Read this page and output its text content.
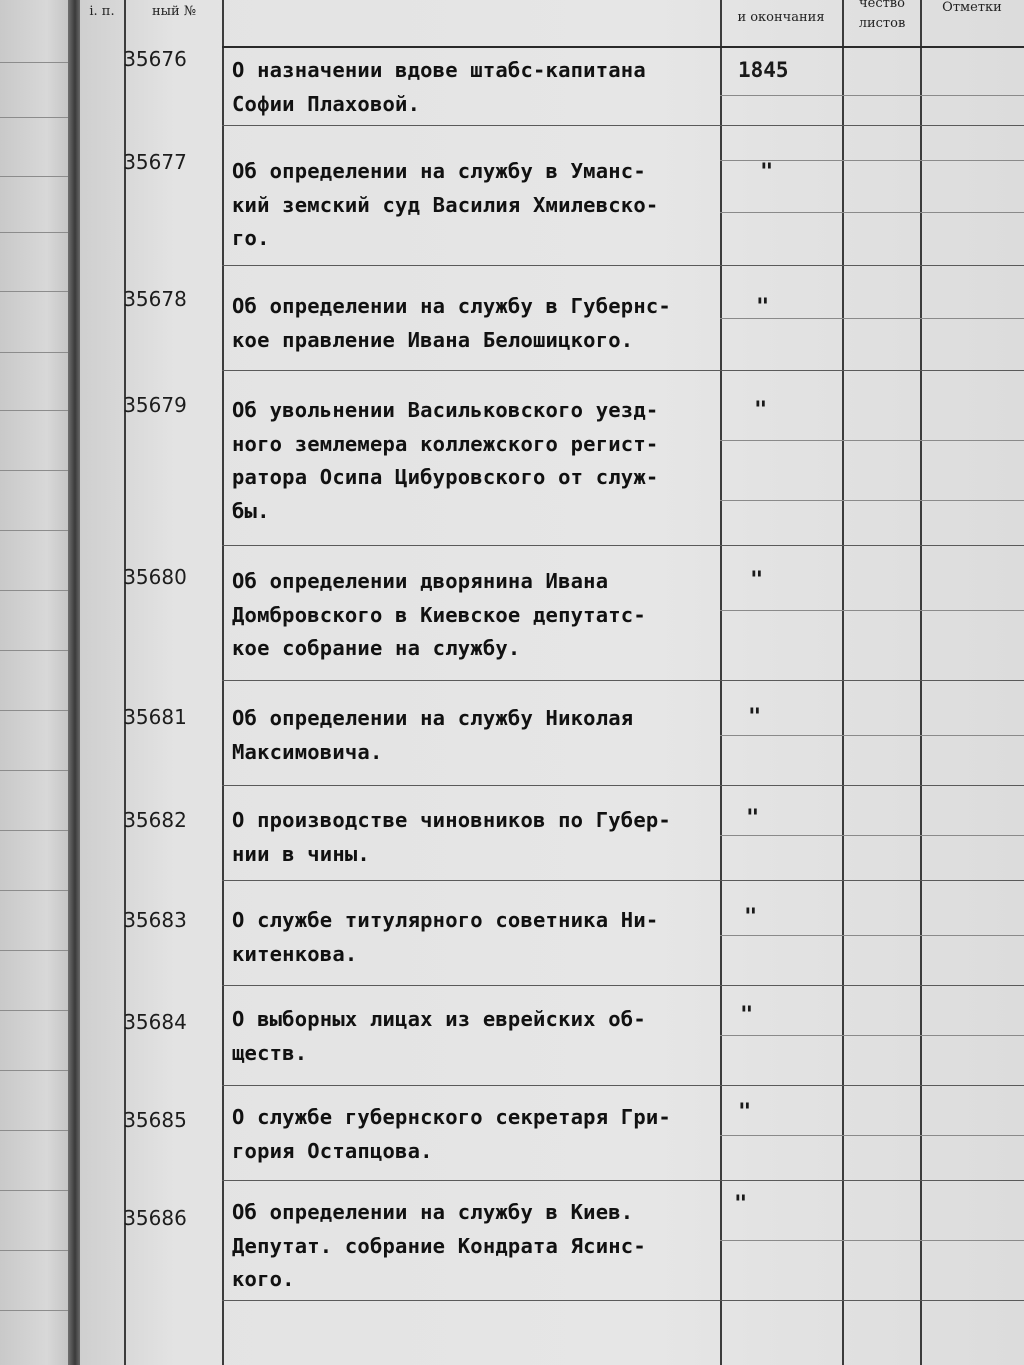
і. п.	ный №	и окончания
чество
листов
Отметки
35676	О назначении вдове штабс-капитана
Софии Плаховой.
1845
35677	Об определении на службу в Уманс-
кий земский суд Василия Хмилевско-
го.
"
35678	Об определении на службу в Губернс-
кое правление Ивана Белошицкого.
"
35679	Об увольнении Васильковского уезд-
ного землемера коллежского регист-
ратора Осипа Цибуровского от служ-
бы.
"
35680	Об определении дворянина Ивана
Домбровского в Киевское депутатс-
кое собрание на службу.
"
35681	Об определении на службу Николая
Максимовича.
"
35682	О производстве чиновников по Губер-
нии в чины.
"
35683	О службе титулярного советника Ни-
китенкова.
"
35684	О выборных лицах из еврейских об-
ществ.
"
35685	О службе губернского секретаря Гри-
гория Остапцова.
"
35686	Об определении на службу в Киев.
Депутат. собрание Кондрата Ясинс-
кого.
"
